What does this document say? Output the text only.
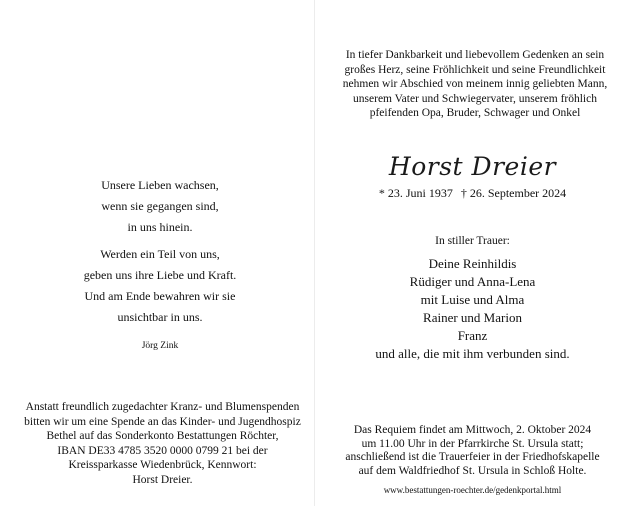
Unsere Lieben wachsen,
wenn sie gegangen sind,
in uns hinein.
Werden ein Teil von uns,
geben uns ihre Liebe und Kraft.
Und am Ende bewahren wir sie
unsichtbar in uns.
Jörg Zink
Anstatt freundlich zugedachter Kranz- und Blumenspenden
bitten wir um eine Spende an das Kinder- und Jugendhospiz
Bethel auf das Sonderkonto Bestattungen Röchter,
IBAN DE33 4785 3520 0000 0799 21 bei der
Kreissparkasse Wiedenbrück, Kennwort:
Horst Dreier.
In tiefer Dankbarkeit und liebevollem Gedenken an sein
großes Herz, seine Fröhlichkeit und seine Freundlichkeit
nehmen wir Abschied von meinem innig geliebten Mann,
unserem Vater und Schwiegervater, unserem fröhlich
pfeifenden Opa, Bruder, Schwager und Onkel
Horst Dreier
* 23. Juni 1937 † 26. September 2024
In stiller Trauer:
Deine Reinhildis
Rüdiger und Anna-Lena
mit Luise und Alma
Rainer und Marion
Franz
und alle, die mit ihm verbunden sind.
Das Requiem findet am Mittwoch, 2. Oktober 2024
um 11.00 Uhr in der Pfarrkirche St. Ursula statt;
anschließend ist die Trauerfeier in der Friedhofskapelle
auf dem Waldfriedhof St. Ursula in Schloß Holte.
www.bestattungen-roechter.de/gedenkportal.html
